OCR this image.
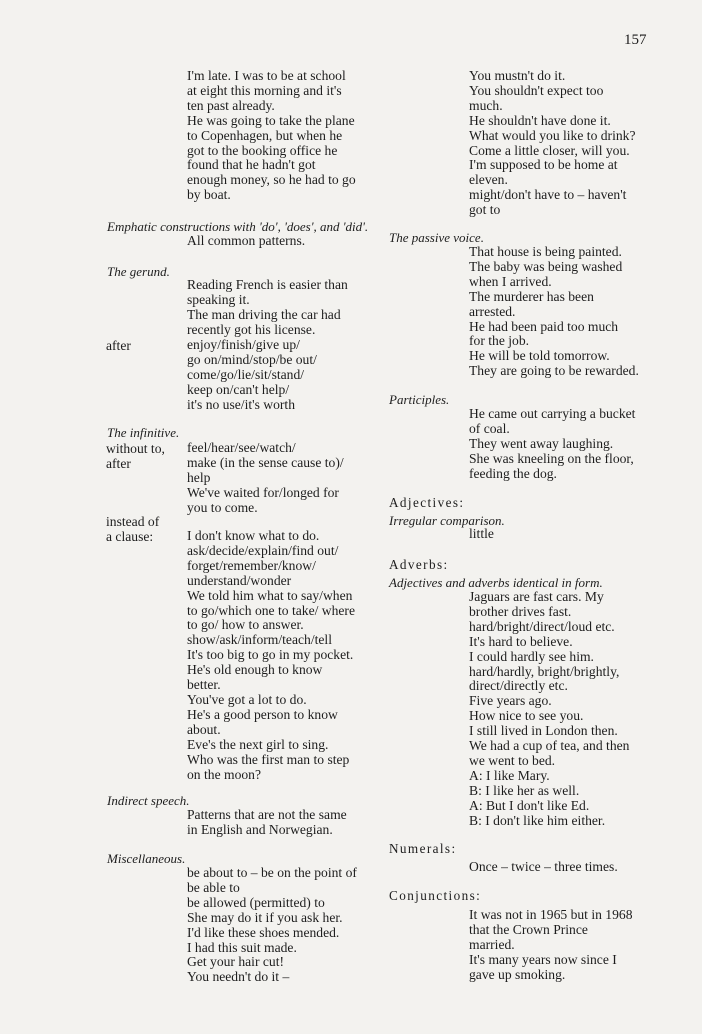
157
I'm late. I was to be at school
at eight this morning and it's
ten past already.
He was going to take the plane
to Copenhagen, but when he
got to the booking office he
found that he hadn't got
enough money, so he had to go
by boat.
Emphatic constructions with 'do', 'does', and 'did'.
All common patterns.
The gerund.
Reading French is easier than
speaking it.
The man driving the car had
recently got his license.
after	enjoy/finish/give up/
go on/mind/stop/be out/
come/go/lie/sit/stand/
keep on/can't help/
it's no use/it's worth
The infinitive.
without to,
after
feel/hear/see/watch/
make (in the sense cause to)/
help
We've waited for/longed for
you to come.
instead of
a clause: I don't know what to do.
ask/decide/explain/find out/
forget/remember/know/
understand/wonder
We told him what to say/when
to go/which one to take/ where
to go/ how to answer.
show/ask/inform/teach/tell
It's too big to go in my pocket.
He's old enough to know
better.
You've got a lot to do.
He's a good person to know
about.
Eve's the next girl to sing.
Who was the first man to step
on the moon?
Indirect speech.
Patterns that are not the same
in English and Norwegian.
Miscellaneous.
be about to – be on the point of
be able to
be allowed (permitted) to
She may do it if you ask her.
I'd like these shoes mended.
I had this suit made.
Get your hair cut!
You needn't do it –
You mustn't do it.
You shouldn't expect too
much.
He shouldn't have done it.
What would you like to drink?
Come a little closer, will you.
I'm supposed to be home at
eleven.
might/don't have to – haven't
got to
The passive voice.
That house is being painted.
The baby was being washed
when I arrived.
The murderer has been
arrested.
He had been paid too much
for the job.
He will be told tomorrow.
They are going to be rewarded.
Participles.
He came out carrying a bucket
of coal.
They went away laughing.
She was kneeling on the floor,
feeding the dog.
Adjectives:
Irregular comparison.
little
Adverbs:
Adjectives and adverbs identical in form.
Jaguars are fast cars. My
brother drives fast.
hard/bright/direct/loud etc.
It's hard to believe.
I could hardly see him.
hard/hardly, bright/brightly,
direct/directly etc.
Five years ago.
How nice to see you.
I still lived in London then.
We had a cup of tea, and then
we went to bed.
A: I like Mary.
B: I like her as well.
A: But I don't like Ed.
B: I don't like him either.
Numerals:
Once – twice – three times.
Conjunctions:
It was not in 1965 but in 1968
that the Crown Prince
married.
It's many years now since I
gave up smoking.
